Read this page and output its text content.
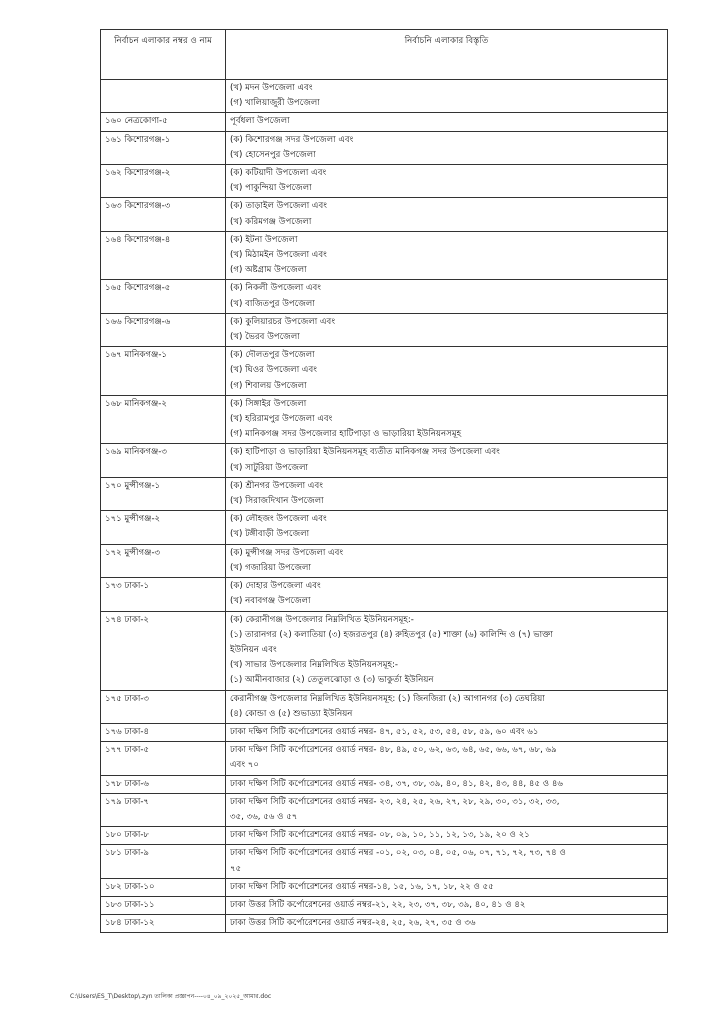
নির্বাচন এলাকার নম্বর ও নাম	নির্বাচনি এলাকার বিস্তৃতি

	(খ) মদন উপজেলা এবং
(গ) খালিয়াজুরী উপজেলা

১৬০ নেত্রকোণা-৫	পূর্বধলা উপজেলা

১৬১ কিশোরগঞ্জ-১	(ক) কিশোরগঞ্জ সদর উপজেলা এবং
(খ) হোসেনপুর উপজেলা

১৬২ কিশোরগঞ্জ-২	(ক) কটিয়াদী উপজেলা এবং
(খ) পাকুন্দিয়া উপজেলা

১৬৩ কিশোরগঞ্জ-৩	(ক) তাড়াইল উপজেলা এবং
(খ) করিমগঞ্জ উপজেলা

১৬৪ কিশোরগঞ্জ-৪	(ক) ইটনা উপজেলা
(খ) মিঠামইন উপজেলা এবং
(গ) অষ্টগ্রাম উপজেলা

১৬৫ কিশোরগঞ্জ-৫	(ক) নিকলী উপজেলা এবং
(খ) বাজিতপুর উপজেলা

১৬৬ কিশোরগঞ্জ-৬	(ক) কুলিয়ারচর উপজেলা এবং
(খ) ভৈরব উপজেলা

১৬৭ মানিকগঞ্জ-১	(ক) দৌলতপুর উপজেলা
(খ) ঘিওর উপজেলা এবং
(গ) শিবালয় উপজেলা

১৬৮ মানিকগঞ্জ-২	(ক) সিঙ্গাইর উপজেলা
(খ) হরিরামপুর উপজেলা এবং
(গ) মানিকগঞ্জ সদর উপজেলার হাটিপাড়া ও ভাড়ারিয়া ইউনিয়নসমূহ

১৬৯ মানিকগঞ্জ-৩	(ক) হাটিপাড়া ও ভাড়ারিয়া ইউনিয়নসমূহ ব্যতীত মানিকগঞ্জ সদর উপজেলা এবং
(খ) সাটুরিয়া উপজেলা

১৭০ মুন্সীগঞ্জ-১	(ক) শ্রীনগর উপজেলা এবং
(খ) সিরাজদিখান উপজেলা

১৭১ মুন্সীগঞ্জ-২	(ক) লৌহজং উপজেলা এবং
(খ) টঙ্গীবাড়ী উপজেলা

১৭২ মুন্সীগঞ্জ-৩	(ক) মুন্সীগঞ্জ সদর উপজেলা এবং
(খ) গজারিয়া উপজেলা

১৭৩ ঢাকা-১	(ক) দোহার উপজেলা এবং
(খ) নবাবগঞ্জ উপজেলা

১৭৪ ঢাকা-২	(ক) কেরানীগঞ্জ উপজেলার নিম্নলিখিত ইউনিয়নসমূহ:-
(১) তারানগর (২) কলাতিয়া (৩) হজরতপুর (৪) রুহিতপুর (৫) শাক্তা (৬) কালিন্দি ও (৭) ভাক্তা
ইউনিয়ন এবং
(খ) সাভার উপজেলার নিম্নলিখিত ইউনিয়নসমূহ:-
(১) আমীনবাজার (২) তেতুলঝোড়া ও (৩) ভাকুর্তা ইউনিয়ন

১৭৫ ঢাকা-৩	কেরানীগঞ্জ উপজেলার নিম্নলিখিত ইউনিয়নসমূহ: (১) জিনজিরা (২) আগানগর (৩) তেঘরিয়া
(৪) কোন্ডা ও (৫) শুভাড্যা ইউনিয়ন

১৭৬ ঢাকা-৪	ঢাকা দক্ষিণ সিটি কর্পোরেশনের ওয়ার্ড নম্বর- ৪৭, ৫১, ৫২, ৫৩, ৫৪, ৫৮, ৫৯, ৬০ এবং ৬১

১৭৭ ঢাকা-৫	ঢাকা দক্ষিণ সিটি কর্পোরেশনের ওয়ার্ড নম্বর- ৪৮, ৪৯, ৫০, ৬২, ৬৩, ৬৪, ৬৫, ৬৬, ৬৭, ৬৮, ৬৯
এবং ৭০

১৭৮ ঢাকা-৬	ঢাকা দক্ষিণ সিটি কর্পোরেশনের ওয়ার্ড নম্বর- ৩৪, ৩৭, ৩৮, ৩৯, ৪০, ৪১, ৪২, ৪৩, ৪৪, ৪৫ ও ৪৬

১৭৯ ঢাকা-৭	ঢাকা দক্ষিণ সিটি কর্পোরেশনের ওয়ার্ড নম্বর- ২৩, ২৪, ২৫, ২৬, ২৭, ২৮, ২৯, ৩০, ৩১, ৩২, ৩৩,
৩৫, ৩৬, ৫৬ ও ৫৭

১৮০ ঢাকা-৮	ঢাকা দক্ষিণ সিটি কর্পোরেশনের ওয়ার্ড নম্বর- ০৮, ০৯, ১০, ১১, ১২, ১৩, ১৯, ২০ ও ২১

১৮১ ঢাকা-৯	ঢাকা দক্ষিণ সিটি কর্পোরেশনের ওয়ার্ড নম্বর -০১, ০২, ০৩, ০৪, ০৫, ০৬, ০৭, ৭১, ৭২, ৭৩, ৭৪ ও
৭৫

১৮২ ঢাকা-১০	ঢাকা দক্ষিণ সিটি কর্পোরেশনের ওয়ার্ড নম্বর-১৪, ১৫, ১৬, ১৭, ১৮, ২২ ও ৫৫

১৮৩ ঢাকা-১১	ঢাকা উত্তর সিটি কর্পোরেশনের ওয়ার্ড নম্বর-২১, ২২, ২৩, ৩৭, ৩৮, ৩৯, ৪০, ৪১ ও ৪২

১৮৪ ঢাকা-১২	ঢাকা উত্তর সিটি কর্পোরেশনের ওয়ার্ড নম্বর-২৪, ২৫, ২৬, ২৭, ৩৫ ও ৩৬
C:\Users\ES_T\Desktop\.zyn তালিকা প্রজ্ঞাপন----০৪_০৯_২০২৫_আমার.doc
